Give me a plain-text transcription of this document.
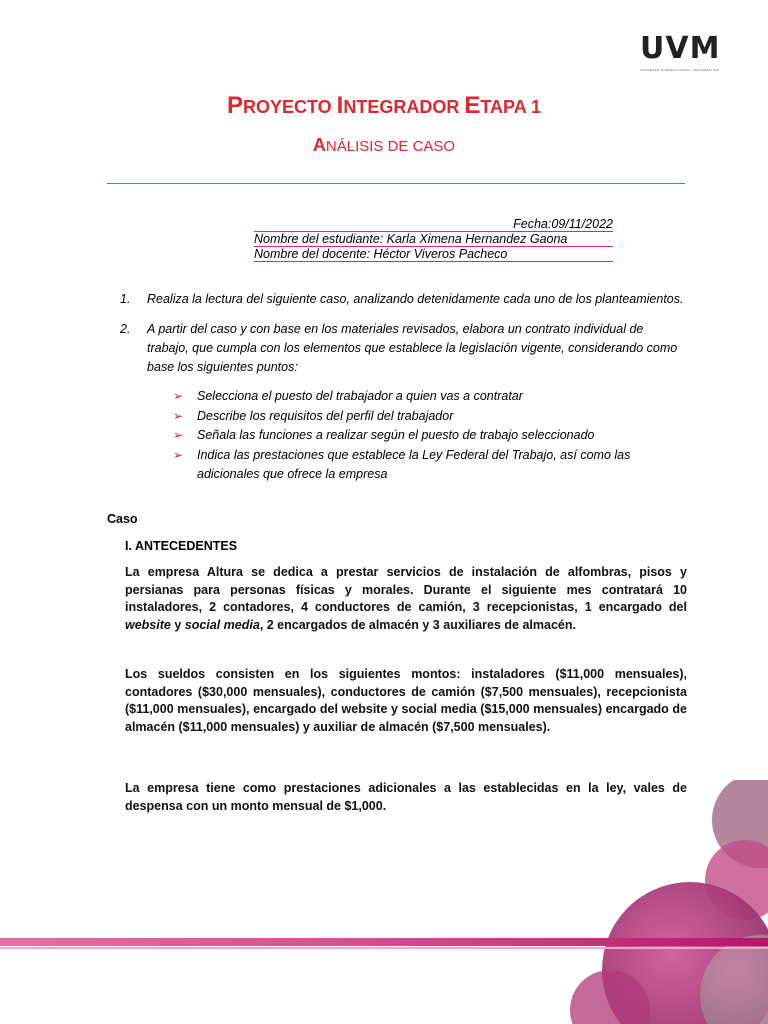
UVM
LAUREATE INTERNATIONAL UNIVERSITIES
PROYECTO INTEGRADOR ETAPA 1
ANÁLISIS DE CASO
Fecha:09/11/2022
Nombre del estudiante: Karla Ximena Hernandez Gaona
Nombre del docente: Héctor Viveros Pacheco
1. Realiza la lectura del siguiente caso, analizando detenidamente cada uno de los planteamientos.
2. A partir del caso y con base en los materiales revisados, elabora un contrato individual de trabajo, que cumpla con los elementos que establece la legislación vigente, considerando como base los siguientes puntos:
➢ Selecciona el puesto del trabajador a quien vas a contratar
➢ Describe los requisitos del perfil del trabajador
➢ Señala las funciones a realizar según el puesto de trabajo seleccionado
➢ Indica las prestaciones que establece la Ley Federal del Trabajo, así como las adicionales que ofrece la empresa
Caso
I. ANTECEDENTES
La empresa Altura se dedica a prestar servicios de instalación de alfombras, pisos y persianas para personas físicas y morales. Durante el siguiente mes contratará 10 instaladores, 2 contadores, 4 conductores de camión, 3 recepcionistas, 1 encargado del website y social media, 2 encargados de almacén y 3 auxiliares de almacén.
Los sueldos consisten en los siguientes montos: instaladores ($11,000 mensuales), contadores ($30,000 mensuales), conductores de camión ($7,500 mensuales), recepcionista ($11,000 mensuales), encargado del website y social media ($15,000 mensuales) encargado de almacén ($11,000 mensuales) y auxiliar de almacén ($7,500 mensuales).
La empresa tiene como prestaciones adicionales a las establecidas en la ley, vales de despensa con un monto mensual de $1,000.
